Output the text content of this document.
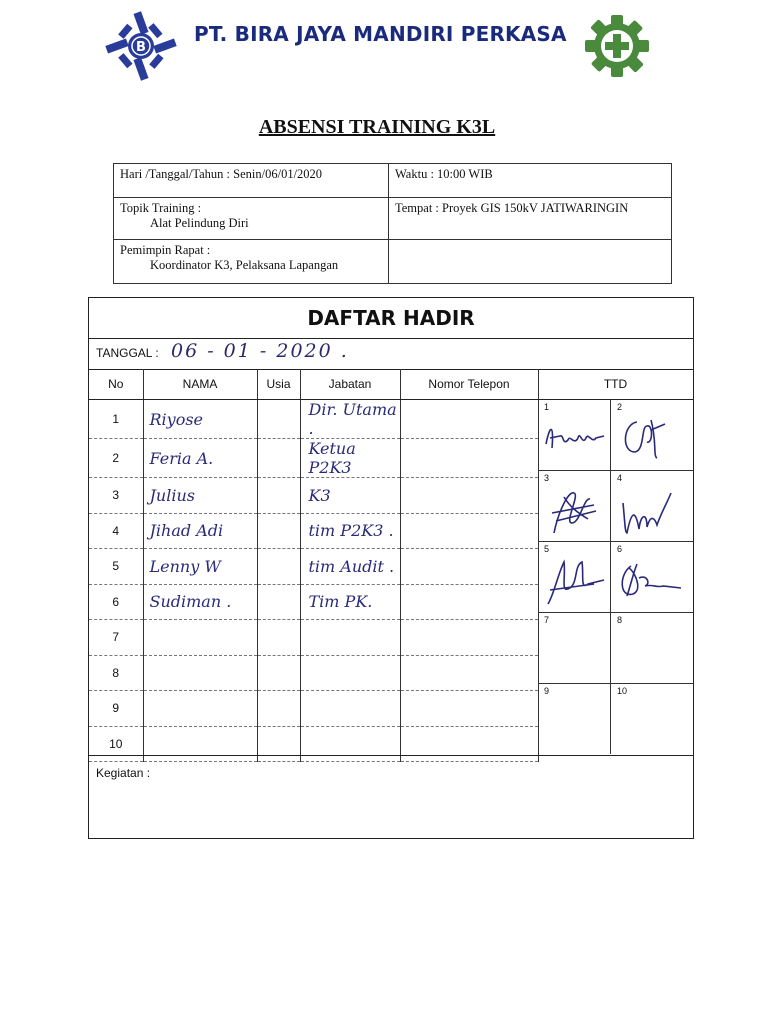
B
PT. BIRA JAYA MANDIRI PERKASA
ABSENSI TRAINING K3L
Hari /Tanggal/Tahun : Senin/06/01/2020	Waktu : 10:00 WIB

Topik Training :
Alat Pelindung Diri	Tempat : Proyek GIS 150kV JATIWARINGIN

Pemimpin Rapat :
Koordinator K3, Pelaksana Lapangan	

DAFTAR HADIR
TANGGAL : 06 - 01 - 2020 .
No	NAMA	Usia	Jabatan	Nomor Telepon
1	Riyose		Dir. Utama .	
2	Feria A.		Ketua P2K3	
3	Julius		K3	
4	Jihad Adi		tim P2K3 .	
5	Lenny W		tim Audit .	
6	Sudiman .		Tim PK.	
7				
8				
9				
10				
TTD
1	2
3	4
5	6
7	8
9	10
Kegiatan :
